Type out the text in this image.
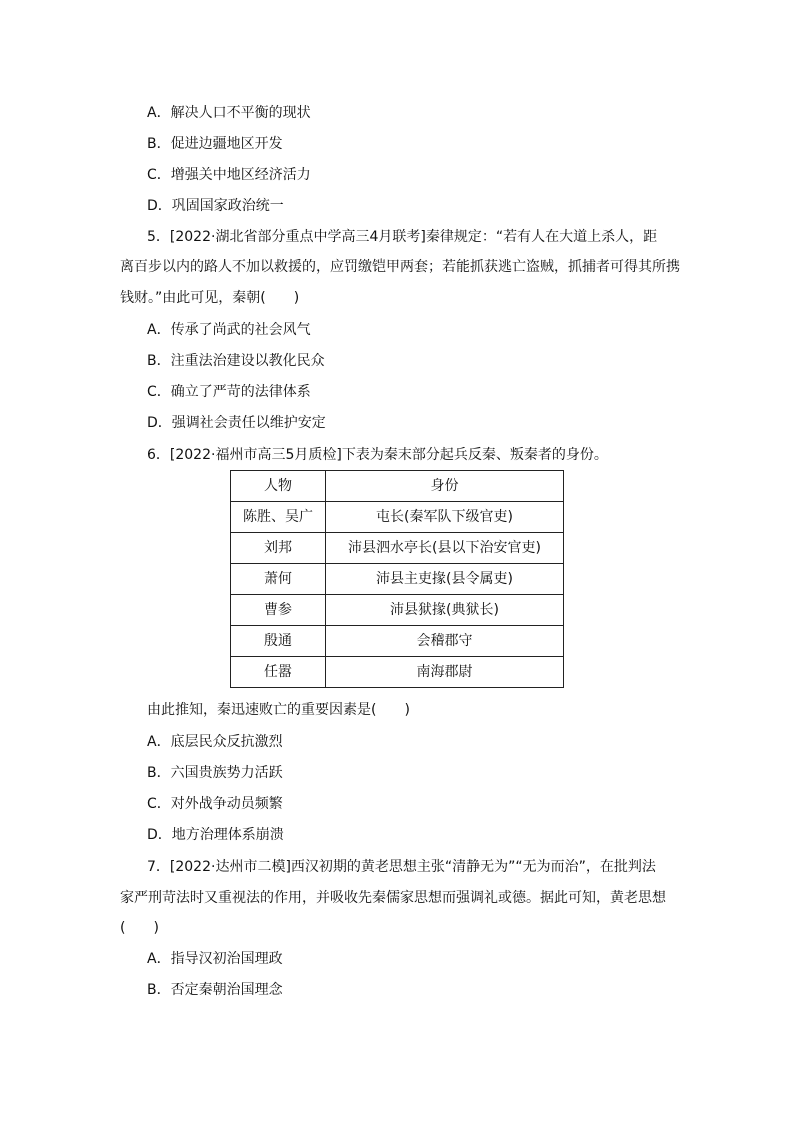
A．解决人口不平衡的现状
B．促进边疆地区开发
C．增强关中地区经济活力
D．巩固国家政治统一
5．[2022·湖北省部分重点中学高三4月联考]秦律规定：“若有人在大道上杀人，距
离百步以内的路人不加以救援的，应罚缴铠甲两套；若能抓获逃亡盗贼，抓捕者可得其所携
钱财。”由此可见，秦朝(　　)
A．传承了尚武的社会风气
B．注重法治建设以教化民众
C．确立了严苛的法律体系
D．强调社会责任以维护安定
6．[2022·福州市高三5月质检]下表为秦末部分起兵反秦、叛秦者的身份。
人物	身份
陈胜、吴广	屯长(秦军队下级官吏)
刘邦	沛县泗水亭长(县以下治安官吏)
萧何	沛县主吏掾(县令属吏)
曹参	沛县狱掾(典狱长)
殷通	会稽郡守
任嚣	南海郡尉
由此推知，秦迅速败亡的重要因素是(　　)
A．底层民众反抗激烈
B．六国贵族势力活跃
C．对外战争动员频繁
D．地方治理体系崩溃
7．[2022·达州市二模]西汉初期的黄老思想主张“清静无为”“无为而治”，在批判法
家严刑苛法时又重视法的作用，并吸收先秦儒家思想而强调礼或德。据此可知，黄老思想
(　　)
A．指导汉初治国理政
B．否定秦朝治国理念
